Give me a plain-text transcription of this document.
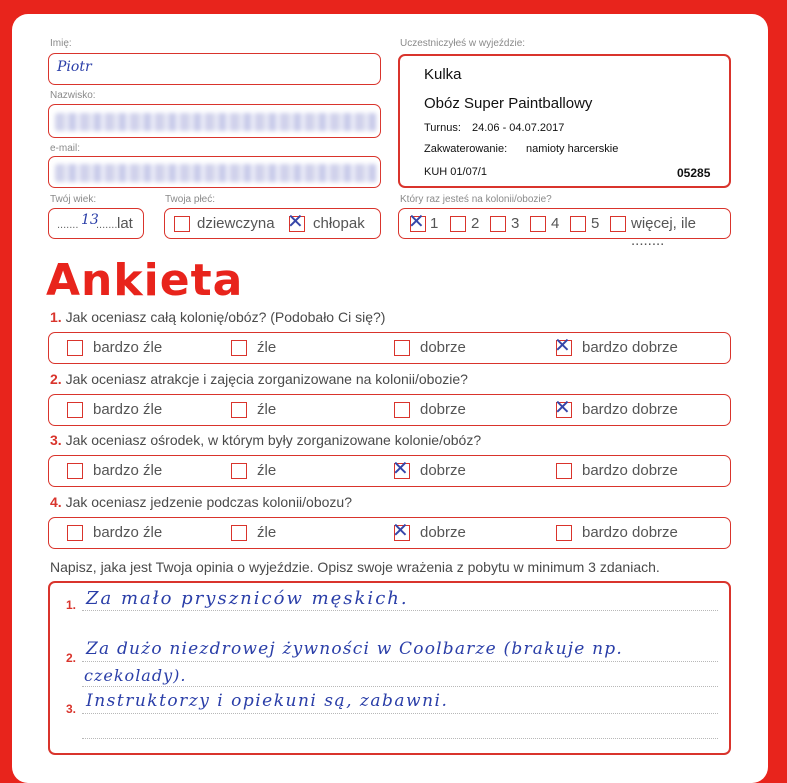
Imię:
Piotr
Nazwisko:
e-mail:
Twój wiek:
....... 13
.........
lat
Twoja płeć:
dziewczyna ✕ chłopak
Uczestniczyłeś w wyjeździe:
Kulka
Obóz Super Paintballowy
Turnus: 24.06 - 04.07.2017
Zakwaterowanie: namioty harcerskie
KUH 01/07/1	05285
Który raz jesteś na kolonii/obozie?
✕ 1 2 3 4 5 więcej, ile ........
Ankieta
1. Jak oceniasz całą kolonię/obóz? (Podobało Ci się?)
bardzo źle	źle	dobrze	✕ bardzo dobrze
2. Jak oceniasz atrakcje i zajęcia zorganizowane na kolonii/obozie?
bardzo źle	źle	dobrze	✕ bardzo dobrze
3. Jak oceniasz ośrodek, w którym były zorganizowane kolonie/obóz?
bardzo źle	źle	✕ dobrze	bardzo dobrze
4. Jak oceniasz jedzenie podczas kolonii/obozu?
bardzo źle	źle	✕ dobrze	bardzo dobrze
Napisz, jaka jest Twoja opinia o wyjeździe. Opisz swoje wrażenia z pobytu w minimum 3 zdaniach.
1. Za mało pryszniców męskich.
2. Za dużo niezdrowej żywności w Coolbarze (brakuje np.
czekolady).
3. Instruktorzy i opiekuni są, zabawni.
